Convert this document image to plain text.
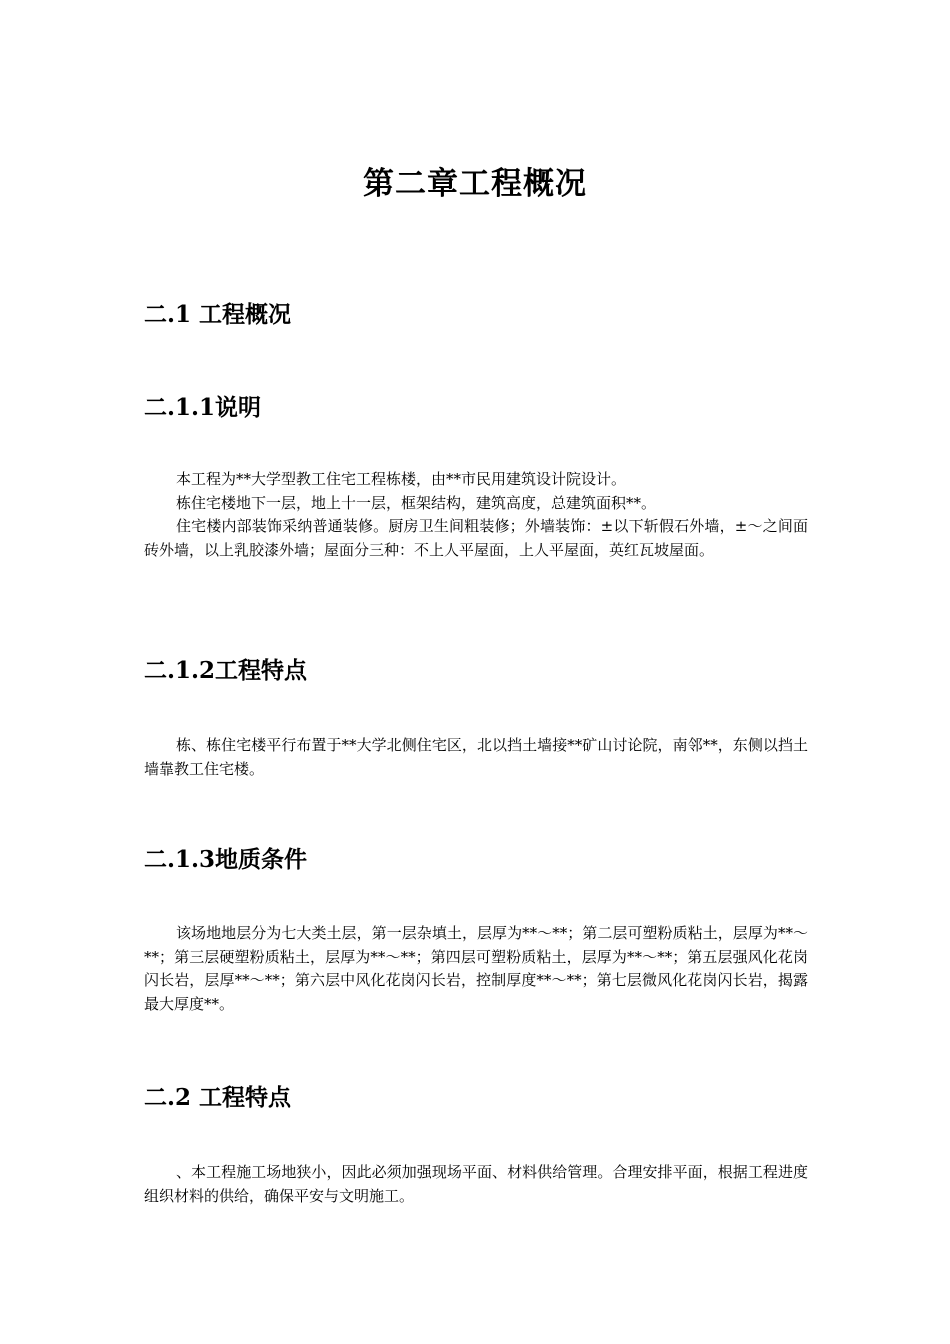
第二章工程概况
二.1 工程概况
二.1.1说明

本工程为**大学型教工住宅工程栋楼，由**市民用建筑设计院设计。

栋住宅楼地下一层，地上十一层，框架结构，建筑高度，总建筑面积**。

住宅楼内部装饰采纳普通装修。厨房卫生间粗装修；外墙装饰：±以下斩假石外墙，±～之间面砖外墙，以上乳胶漆外墙；屋面分三种：不上人平屋面，上人平屋面，英红瓦坡屋面。

二.1.2工程特点

栋、栋住宅楼平行布置于**大学北侧住宅区，北以挡土墙接**矿山讨论院，南邻**，东侧以挡土墙靠教工住宅楼。

二.1.3地质条件

该场地地层分为七大类土层，第一层杂填土，层厚为**～**；第二层可塑粉质粘土，层厚为**～**；第三层硬塑粉质粘土，层厚为**～**；第四层可塑粉质粘土，层厚为**～**；第五层强风化花岗闪长岩，层厚**～**；第六层中风化花岗闪长岩，控制厚度**～**；第七层微风化花岗闪长岩，揭露最大厚度**。

二.2 工程特点

、本工程施工场地狭小，因此必须加强现场平面、材料供给管理。合理安排平面，根据工程进度组织材料的供给，确保平安与文明施工。
